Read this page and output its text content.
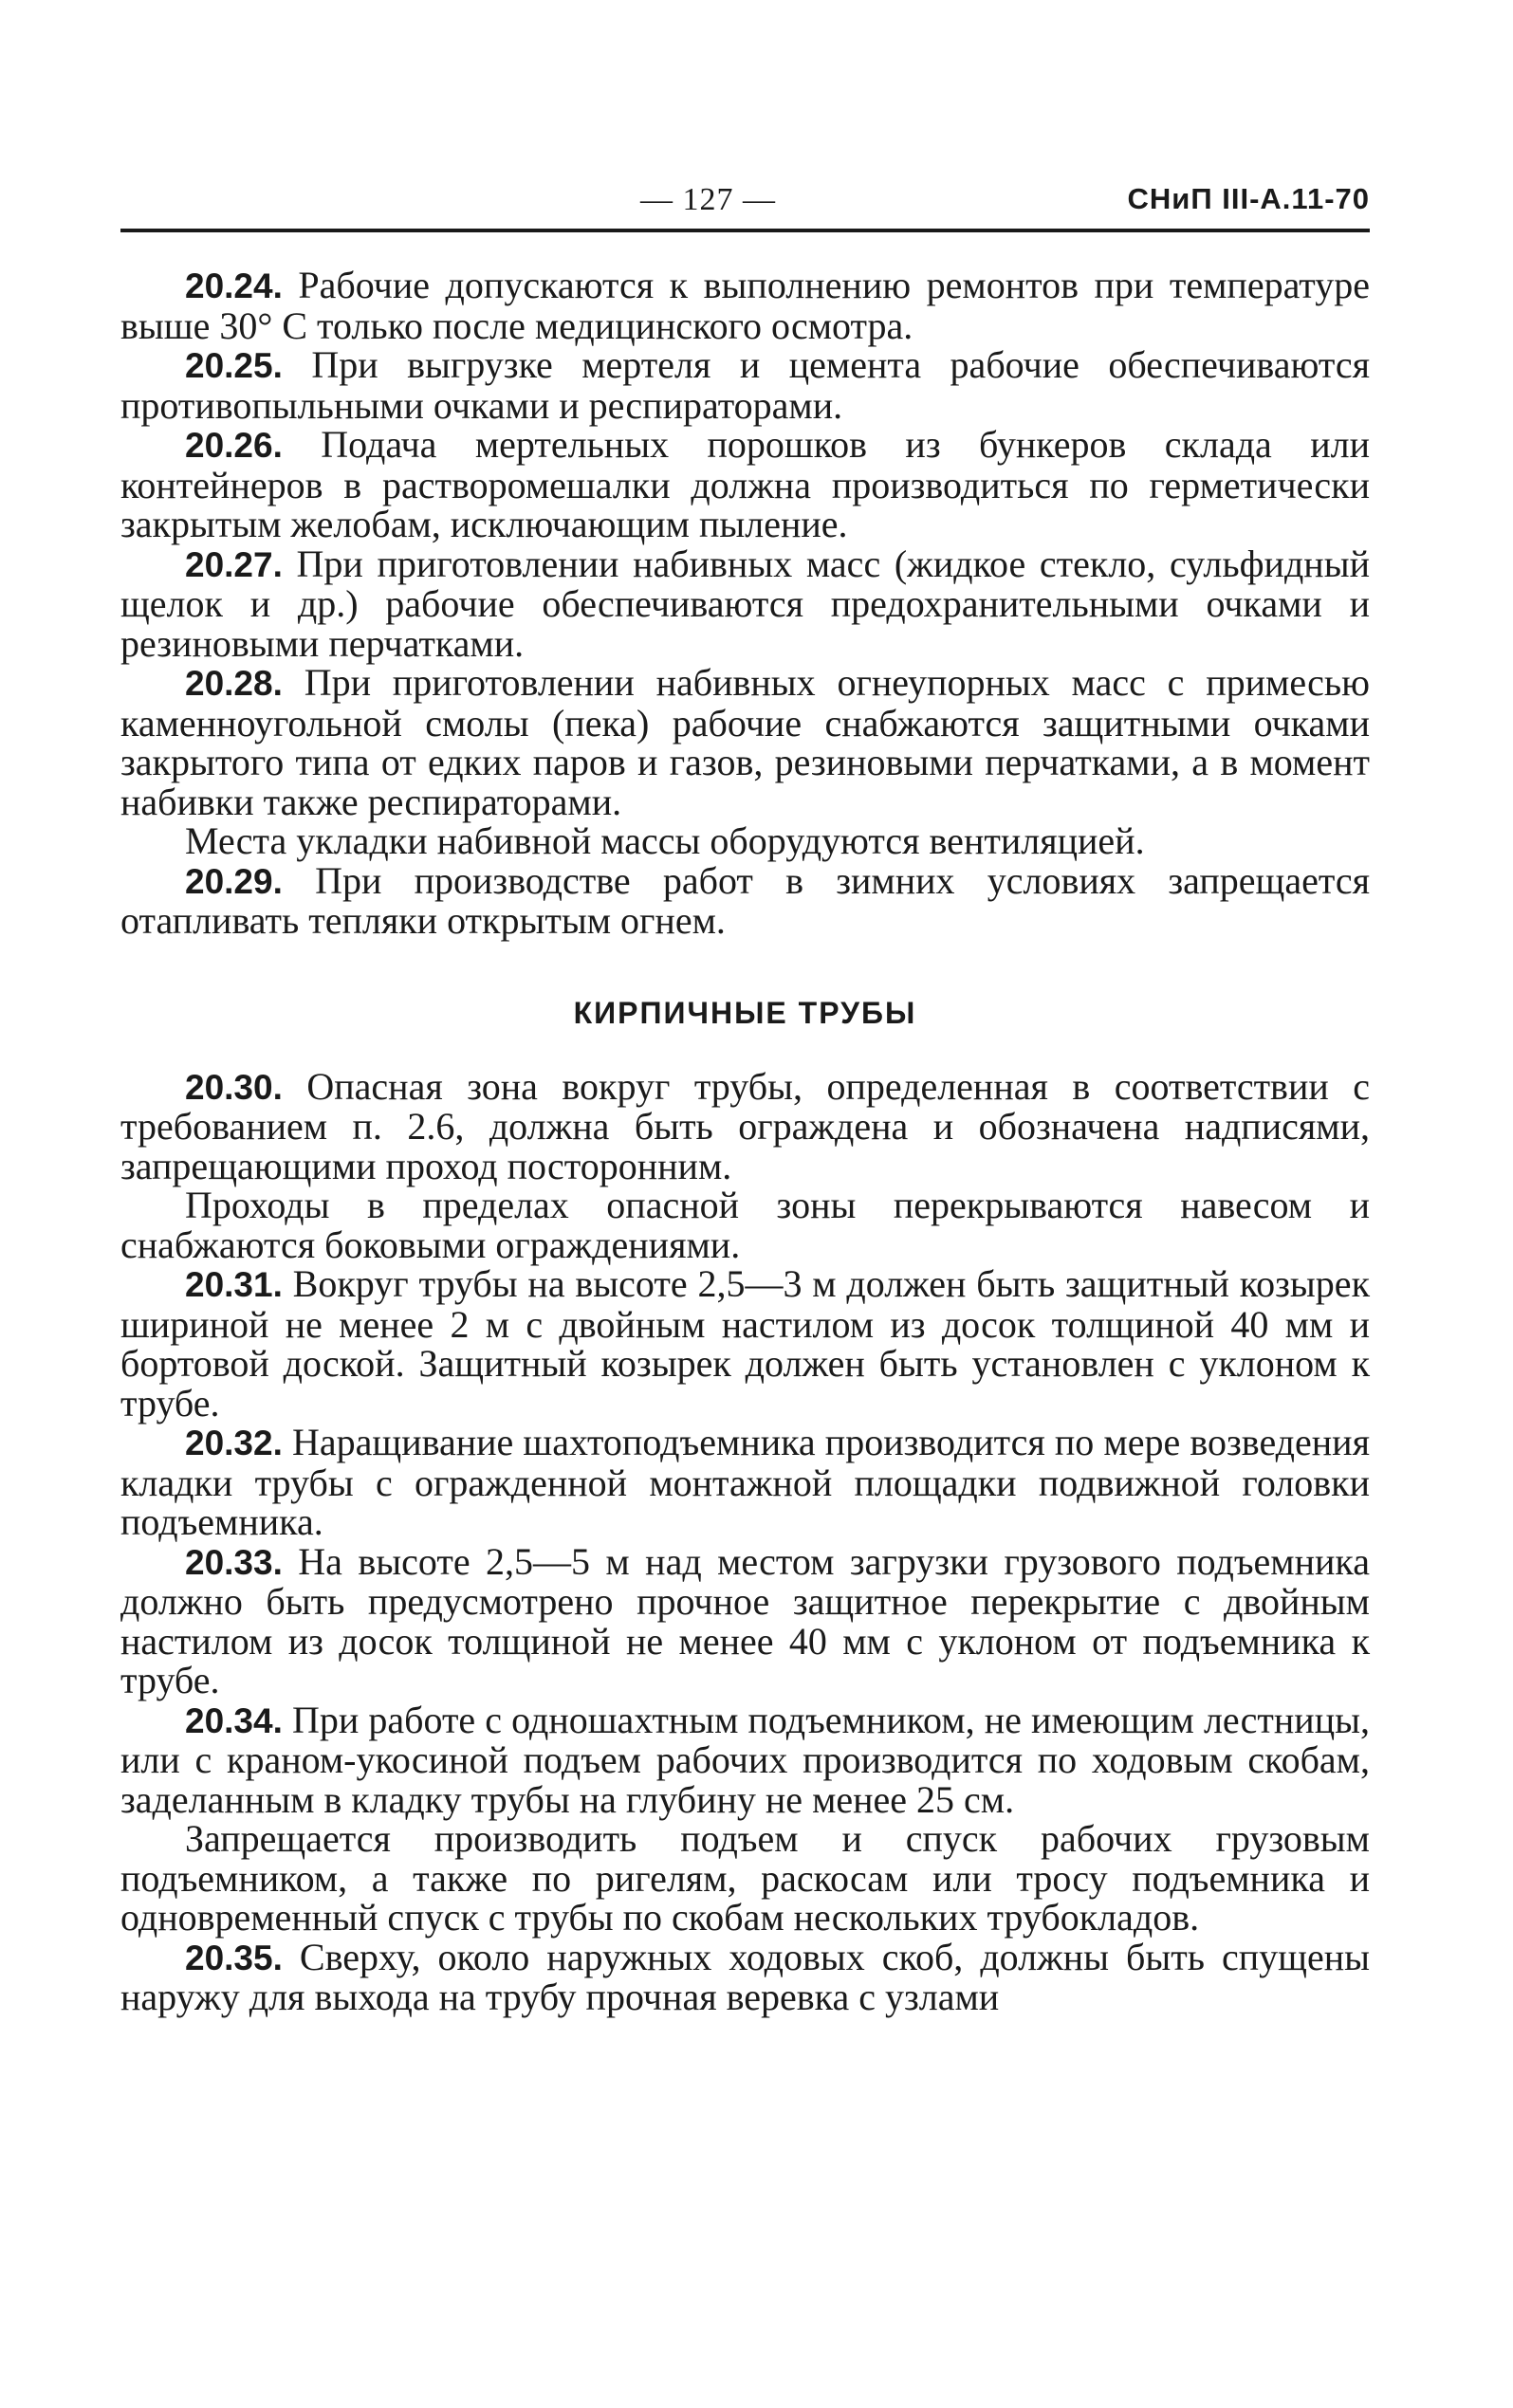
— 127 —	СНиП III-A.11-70

20.24. Рабочие допускаются к выполнению ремонтов при температуре выше 30° С только после медицинского осмотра.

20.25. При выгрузке мертеля и цемента рабочие обеспечиваются противопыльными очками и респираторами.

20.26. Подача мертельных порошков из бункеров склада или контейнеров в растворомешалки должна производиться по герметически закрытым желобам, исключающим пыление.

20.27. При приготовлении набивных масс (жидкое стекло, сульфидный щелок и др.) рабочие обеспечиваются предохранительными очками и резиновыми перчатками.

20.28. При приготовлении набивных огнеупорных масс с примесью каменноугольной смолы (пека) рабочие снабжаются защитными очками закрытого типа от едких паров и газов, резиновыми перчатками, а в момент набивки также респираторами.

Места укладки набивной массы оборудуются вентиляцией.

20.29. При производстве работ в зимних условиях запрещается отапливать тепляки открытым огнем.

КИРПИЧНЫЕ ТРУБЫ

20.30. Опасная зона вокруг трубы, определенная в соответствии с требованием п. 2.6, должна быть ограждена и обозначена надписями, запрещающими проход посторонним.

Проходы в пределах опасной зоны перекрываются навесом и снабжаются боковыми ограждениями.

20.31. Вокруг трубы на высоте 2,5—3 м должен быть защитный козырек шириной не менее 2 м с двойным настилом из досок толщиной 40 мм и бортовой доской. Защитный козырек должен быть установлен с уклоном к трубе.

20.32. Наращивание шахтоподъемника производится по мере возведения кладки трубы с огражденной монтажной площадки подвижной головки подъемника.

20.33. На высоте 2,5—5 м над местом загрузки грузового подъемника должно быть предусмотрено прочное защитное перекрытие с двойным настилом из досок толщиной не менее 40 мм с уклоном от подъемника к трубе.

20.34. При работе с одношахтным подъемником, не имеющим лестницы, или с краном-укосиной подъем рабочих производится по ходовым скобам, заделанным в кладку трубы на глубину не менее 25 см.

Запрещается производить подъем и спуск рабочих грузовым подъемником, а также по ригелям, раскосам или тросу подъемника и одновременный спуск с трубы по скобам нескольких трубокладов.

20.35. Сверху, около наружных ходовых скоб, должны быть спущены наружу для выхода на трубу прочная веревка с узлами
